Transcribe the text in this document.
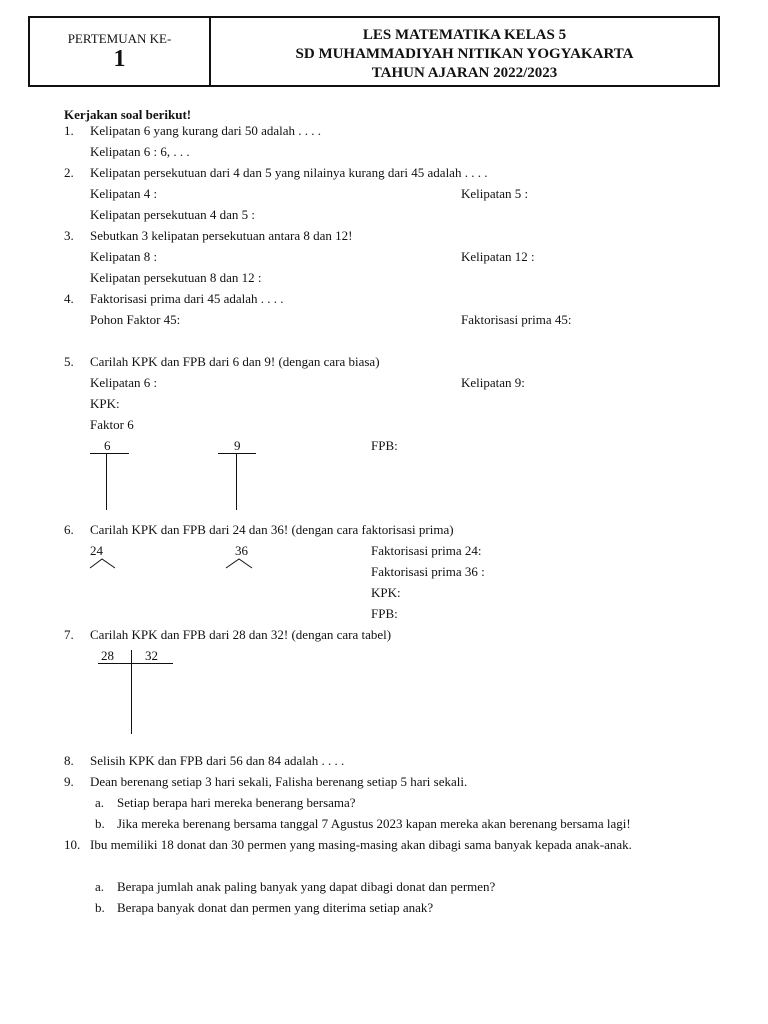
PERTEMUAN KE-
1
LES MATEMATIKA KELAS 5
SD MUHAMMADIYAH NITIKAN YOGYAKARTA
TAHUN AJARAN 2022/2023
Kerjakan soal berikut!
1. Kelipatan 6 yang kurang dari 50 adalah . . . .
Kelipatan 6 : 6, . . .
2. Kelipatan persekutuan dari 4 dan 5 yang nilainya kurang dari 45 adalah . . . .
Kelipatan 4 :	Kelipatan 5 :
Kelipatan persekutuan 4 dan 5 :
3. Sebutkan 3 kelipatan persekutuan antara 8 dan 12!
Kelipatan 8 :	Kelipatan 12 :
Kelipatan persekutuan 8 dan 12 :
4. Faktorisasi prima dari 45 adalah . . . .
Pohon Faktor 45:	Faktorisasi prima 45:
5. Carilah KPK dan FPB dari 6 dan 9! (dengan cara biasa)
Kelipatan 6 :	Kelipatan 9:
KPK:
Faktor 6
6	9	FPB:
6. Carilah KPK dan FPB dari 24 dan 36! (dengan cara faktorisasi prima)
24	36	Faktorisasi prima 24:
Faktorisasi prima 36 :
KPK:
FPB:
7. Carilah KPK dan FPB dari 28 dan 32! (dengan cara tabel)
28 32
8. Selisih KPK dan FPB dari 56 dan 84 adalah . . . .
9. Dean berenang setiap 3 hari sekali, Falisha berenang setiap 5 hari sekali.
a. Setiap berapa hari mereka benerang bersama?
b. Jika mereka berenang bersama tanggal 7 Agustus 2023 kapan mereka akan berenang bersama lagi!
10. Ibu memiliki 18 donat dan 30 permen yang masing-masing akan dibagi sama banyak kepada anak-anak.
a. Berapa jumlah anak paling banyak yang dapat dibagi donat dan permen?
b. Berapa banyak donat dan permen yang diterima setiap anak?
